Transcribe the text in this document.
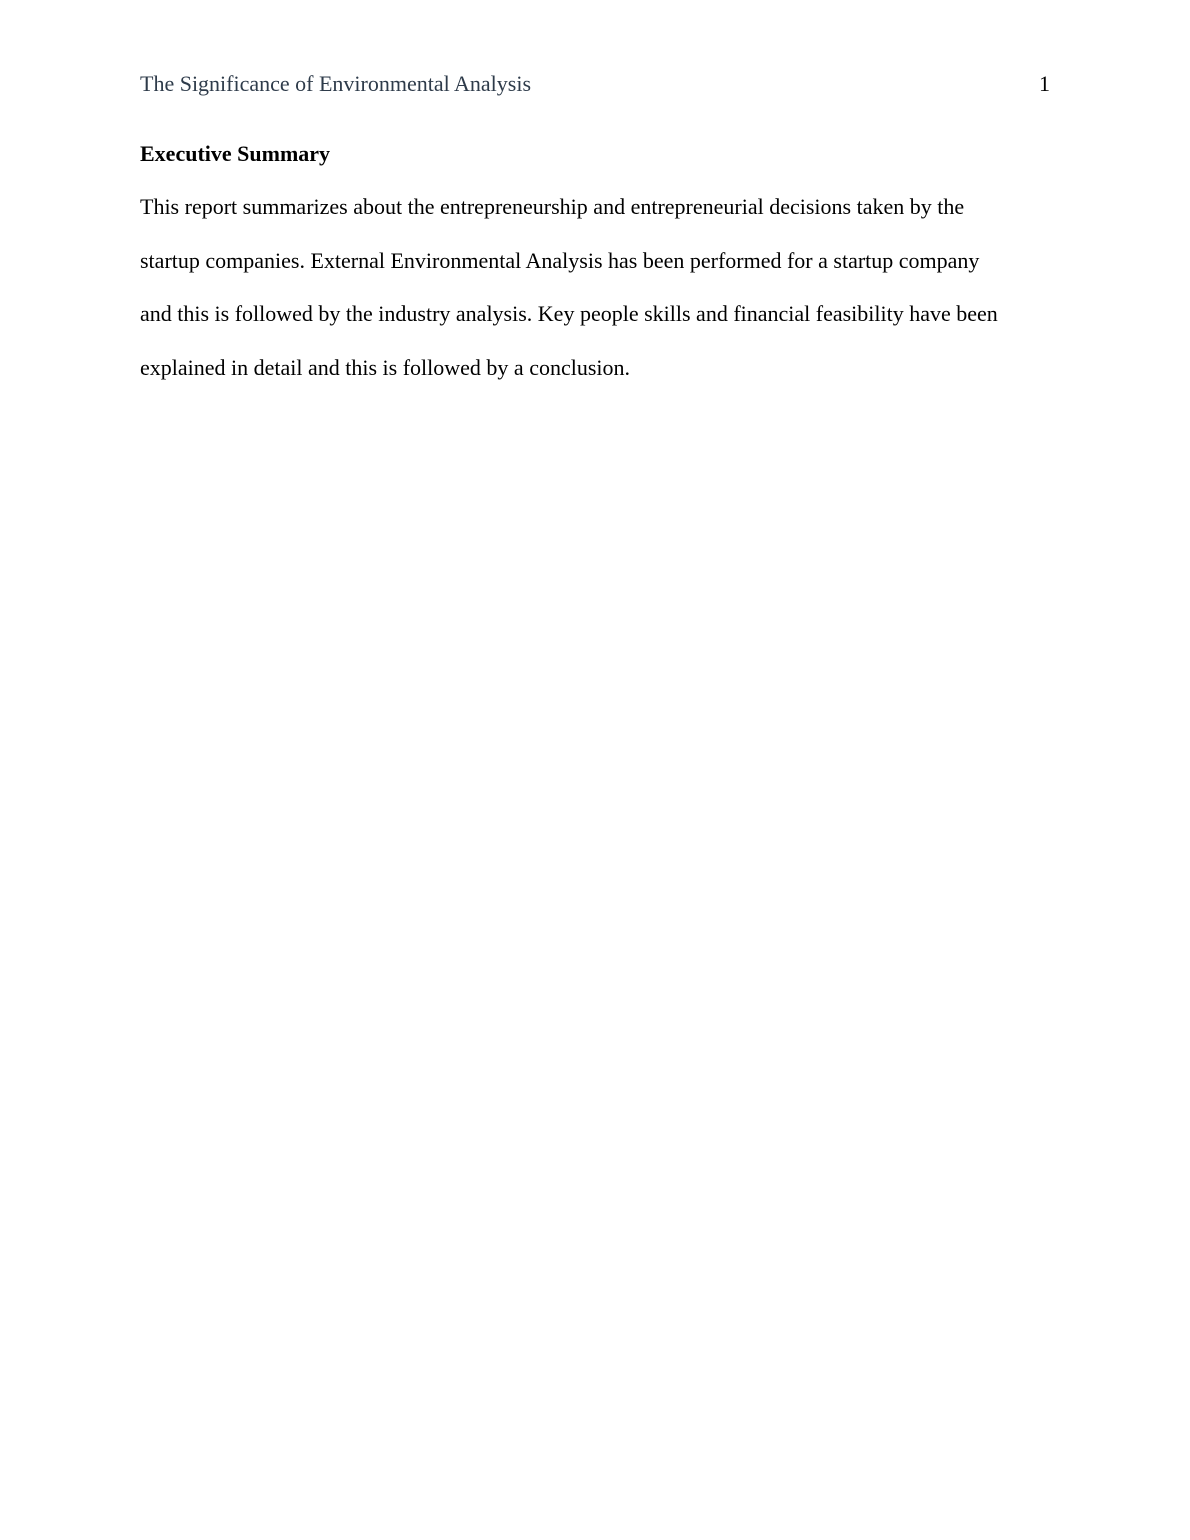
The Significance of Environmental Analysis	1
Executive Summary
This report summarizes about the entrepreneurship and entrepreneurial decisions taken by the
startup companies. External Environmental Analysis has been performed for a startup company
and this is followed by the industry analysis. Key people skills and financial feasibility have been
explained in detail and this is followed by a conclusion.
